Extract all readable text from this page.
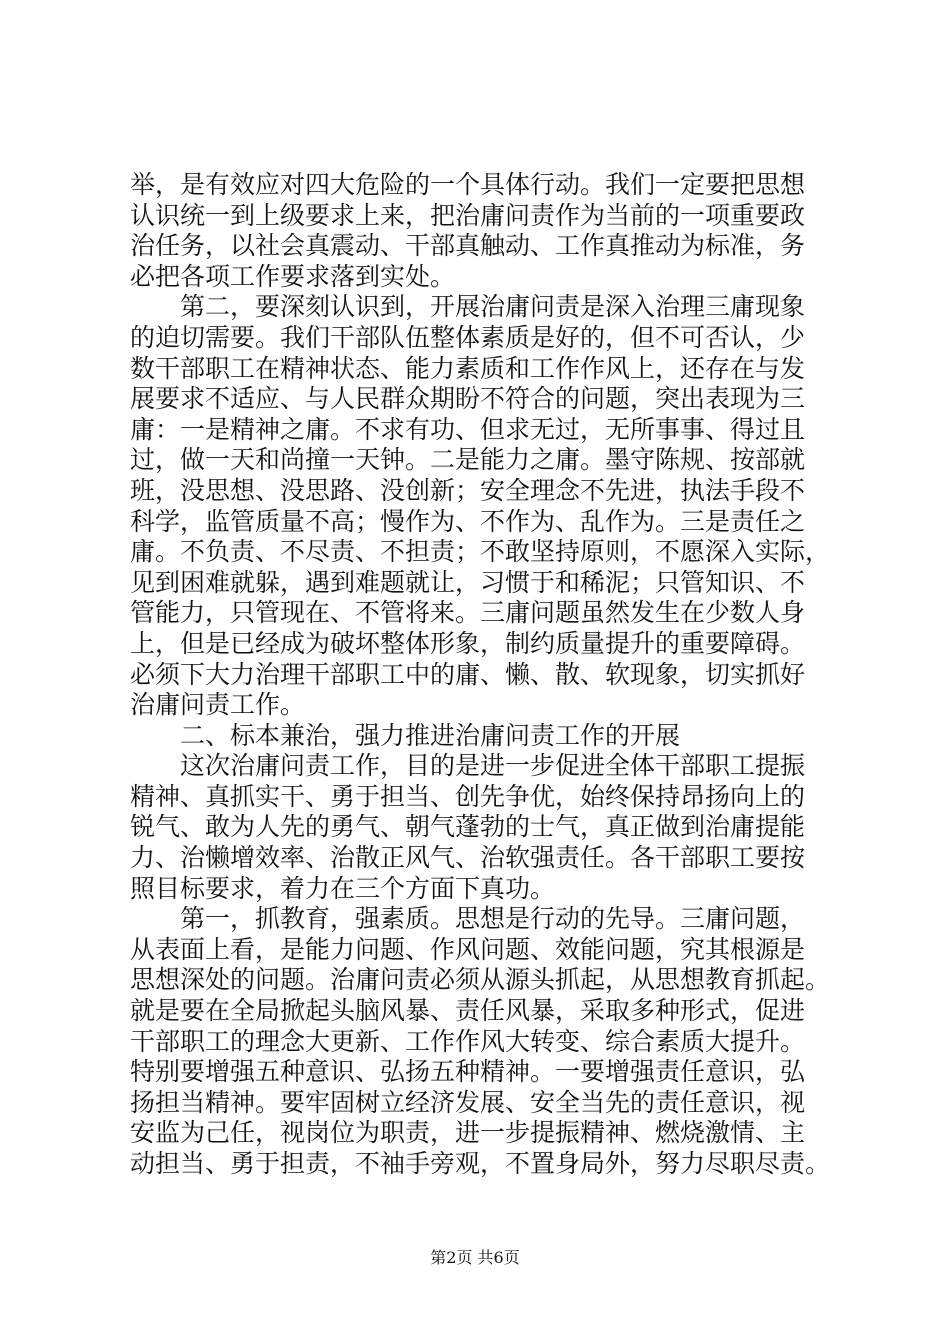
举，是有效应对四大危险的一个具体行动。我们一定要把思想
认识统一到上级要求上来，把治庸问责作为当前的一项重要政
治任务，以社会真震动、干部真触动、工作真推动为标准，务
必把各项工作要求落到实处。
　　第二，要深刻认识到，开展治庸问责是深入治理三庸现象
的迫切需要。我们干部队伍整体素质是好的，但不可否认，少
数干部职工在精神状态、能力素质和工作作风上，还存在与发
展要求不适应、与人民群众期盼不符合的问题，突出表现为三
庸：一是精神之庸。不求有功、但求无过，无所事事、得过且
过，做一天和尚撞一天钟。二是能力之庸。墨守陈规、按部就
班，没思想、没思路、没创新；安全理念不先进，执法手段不
科学，监管质量不高；慢作为、不作为、乱作为。三是责任之
庸。不负责、不尽责、不担责；不敢坚持原则，不愿深入实际，
见到困难就躲，遇到难题就让，习惯于和稀泥；只管知识、不
管能力，只管现在、不管将来。三庸问题虽然发生在少数人身
上，但是已经成为破坏整体形象，制约质量提升的重要障碍。
必须下大力治理干部职工中的庸、懒、散、软现象，切实抓好
治庸问责工作。
　　二、标本兼治，强力推进治庸问责工作的开展
　　这次治庸问责工作，目的是进一步促进全体干部职工提振
精神、真抓实干、勇于担当、创先争优，始终保持昂扬向上的
锐气、敢为人先的勇气、朝气蓬勃的士气，真正做到治庸提能
力、治懒增效率、治散正风气、治软强责任。各干部职工要按
照目标要求，着力在三个方面下真功。
　　第一，抓教育，强素质。思想是行动的先导。三庸问题，
从表面上看，是能力问题、作风问题、效能问题，究其根源是
思想深处的问题。治庸问责必须从源头抓起，从思想教育抓起。
就是要在全局掀起头脑风暴、责任风暴，采取多种形式，促进
干部职工的理念大更新、工作作风大转变、综合素质大提升。
特别要增强五种意识、弘扬五种精神。一要增强责任意识，弘
扬担当精神。要牢固树立经济发展、安全当先的责任意识，视
安监为己任，视岗位为职责，进一步提振精神、燃烧激情、主
动担当、勇于担责，不袖手旁观，不置身局外，努力尽职尽责。
第2页 共6页
